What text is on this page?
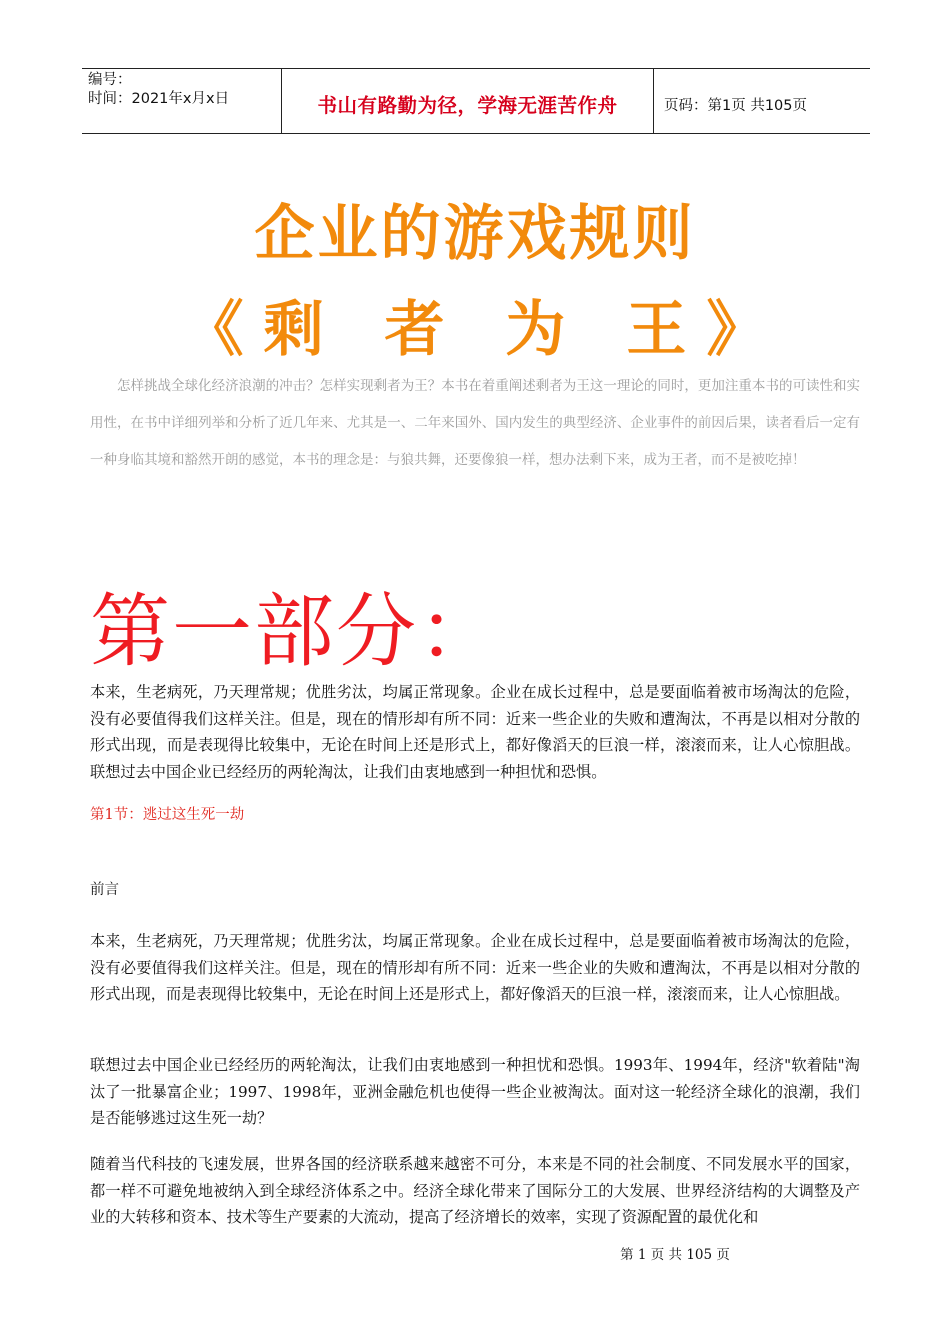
编号：
时间：2021年x月x日	书山有路勤为径，学海无涯苦作舟	页码：第1页 共105页
企业的游戏规则
《剩 者 为 王》
怎样挑战全球化经济浪潮的冲击？怎样实现剩者为王？本书在着重阐述剩者为王这一理论的同时，更加注重本书的可读性和实用性，在书中详细列举和分析了近几年来、尤其是一、二年来国外、国内发生的典型经济、企业事件的前因后果，读者看后一定有一种身临其境和豁然开朗的感觉，本书的理念是：与狼共舞，还要像狼一样，想办法剩下来，成为王者，而不是被吃掉！
第一部分：
本来，生老病死，乃天理常规；优胜劣汰，均属正常现象。企业在成长过程中，总是要面临着被市场淘汰的危险，没有必要值得我们这样关注。但是，现在的情形却有所不同：近来一些企业的失败和遭淘汰，不再是以相对分散的形式出现，而是表现得比较集中，无论在时间上还是形式上，都好像滔天的巨浪一样，滚滚而来，让人心惊胆战。联想过去中国企业已经经历的两轮淘汰，让我们由衷地感到一种担忧和恐惧。
第1节：逃过这生死一劫
前言
本来，生老病死，乃天理常规；优胜劣汰，均属正常现象。企业在成长过程中，总是要面临着被市场淘汰的危险，没有必要值得我们这样关注。但是，现在的情形却有所不同：近来一些企业的失败和遭淘汰，不再是以相对分散的形式出现，而是表现得比较集中，无论在时间上还是形式上，都好像滔天的巨浪一样，滚滚而来，让人心惊胆战。
联想过去中国企业已经经历的两轮淘汰，让我们由衷地感到一种担忧和恐惧。1993年、1994年，经济"软着陆"淘汰了一批暴富企业；1997、1998年，亚洲金融危机也使得一些企业被淘汰。面对这一轮经济全球化的浪潮，我们是否能够逃过这生死一劫？
随着当代科技的飞速发展，世界各国的经济联系越来越密不可分，本来是不同的社会制度、不同发展水平的国家，都一样不可避免地被纳入到全球经济体系之中。经济全球化带来了国际分工的大发展、世界经济结构的大调整及产业的大转移和资本、技术等生产要素的大流动，提高了经济增长的效率，实现了资源配置的最优化和
第 1 页 共 105 页
